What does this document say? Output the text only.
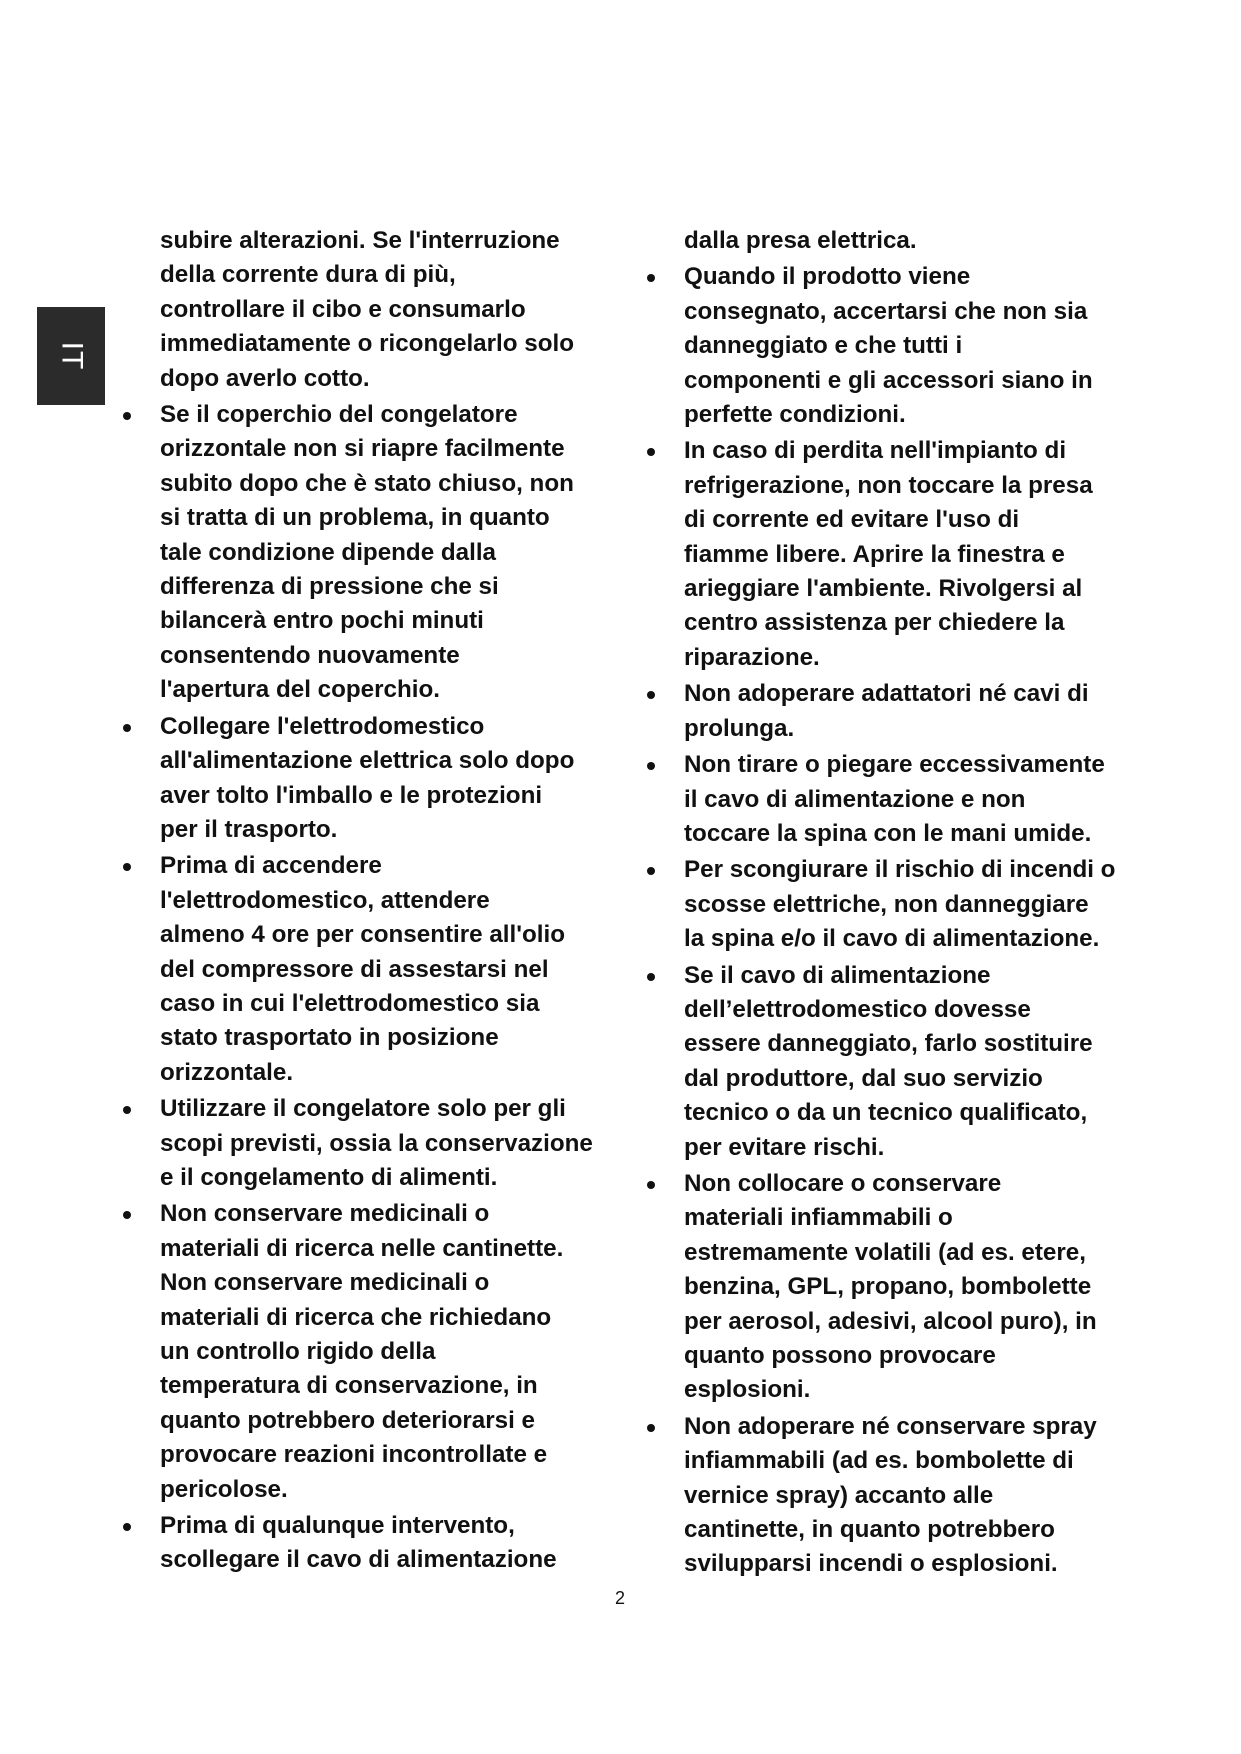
IT

subire alterazioni. Se l'interruzione
della corrente dura di più,
controllare il cibo e consumarlo
immediatamente o ricongelarlo solo
dopo averlo cotto.

Se il coperchio del congelatore
orizzontale non si riapre facilmente
subito dopo che è stato chiuso, non
si tratta di un problema, in quanto
tale condizione dipende dalla
differenza di pressione che si
bilancerà entro pochi minuti
consentendo nuovamente
l'apertura del coperchio.
Collegare l'elettrodomestico
all'alimentazione elettrica solo dopo
aver tolto l'imballo e le protezioni
per il trasporto.
Prima di accendere
l'elettrodomestico, attendere
almeno 4 ore per consentire all'olio
del compressore di assestarsi nel
caso in cui l'elettrodomestico sia
stato trasportato in posizione
orizzontale.
Utilizzare il congelatore solo per gli
scopi previsti, ossia la conservazione
e il congelamento di alimenti.
Non conservare medicinali o
materiali di ricerca nelle cantinette.
Non conservare medicinali o
materiali di ricerca che richiedano
un controllo rigido della
temperatura di conservazione, in
quanto potrebbero deteriorarsi e
provocare reazioni incontrollate e
pericolose.
Prima di qualunque intervento,
scollegare il cavo di alimentazione

dalla presa elettrica.

Quando il prodotto viene
consegnato, accertarsi che non sia
danneggiato e che tutti i
componenti e gli accessori siano in
perfette condizioni.
In caso di perdita nell'impianto di
refrigerazione, non toccare la presa
di corrente ed evitare l'uso di
fiamme libere. Aprire la finestra e
arieggiare l'ambiente. Rivolgersi al
centro assistenza per chiedere la
riparazione.
Non adoperare adattatori né cavi di
prolunga.
Non tirare o piegare eccessivamente
il cavo di alimentazione e non
toccare la spina con le mani umide.
Per scongiurare il rischio di incendi o
scosse elettriche, non danneggiare
la spina e/o il cavo di alimentazione.
Se il cavo di alimentazione
dell’elettrodomestico dovesse
essere danneggiato, farlo sostituire
dal produttore, dal suo servizio
tecnico o da un tecnico qualificato,
per evitare rischi.
Non collocare o conservare
materiali infiammabili o
estremamente volatili (ad es. etere,
benzina, GPL, propano, bombolette
per aerosol, adesivi, alcool puro), in
quanto possono provocare
esplosioni.
Non adoperare né conservare spray
infiammabili (ad es. bombolette di
vernice spray) accanto alle
cantinette, in quanto potrebbero
svilupparsi incendi o esplosioni.
2
